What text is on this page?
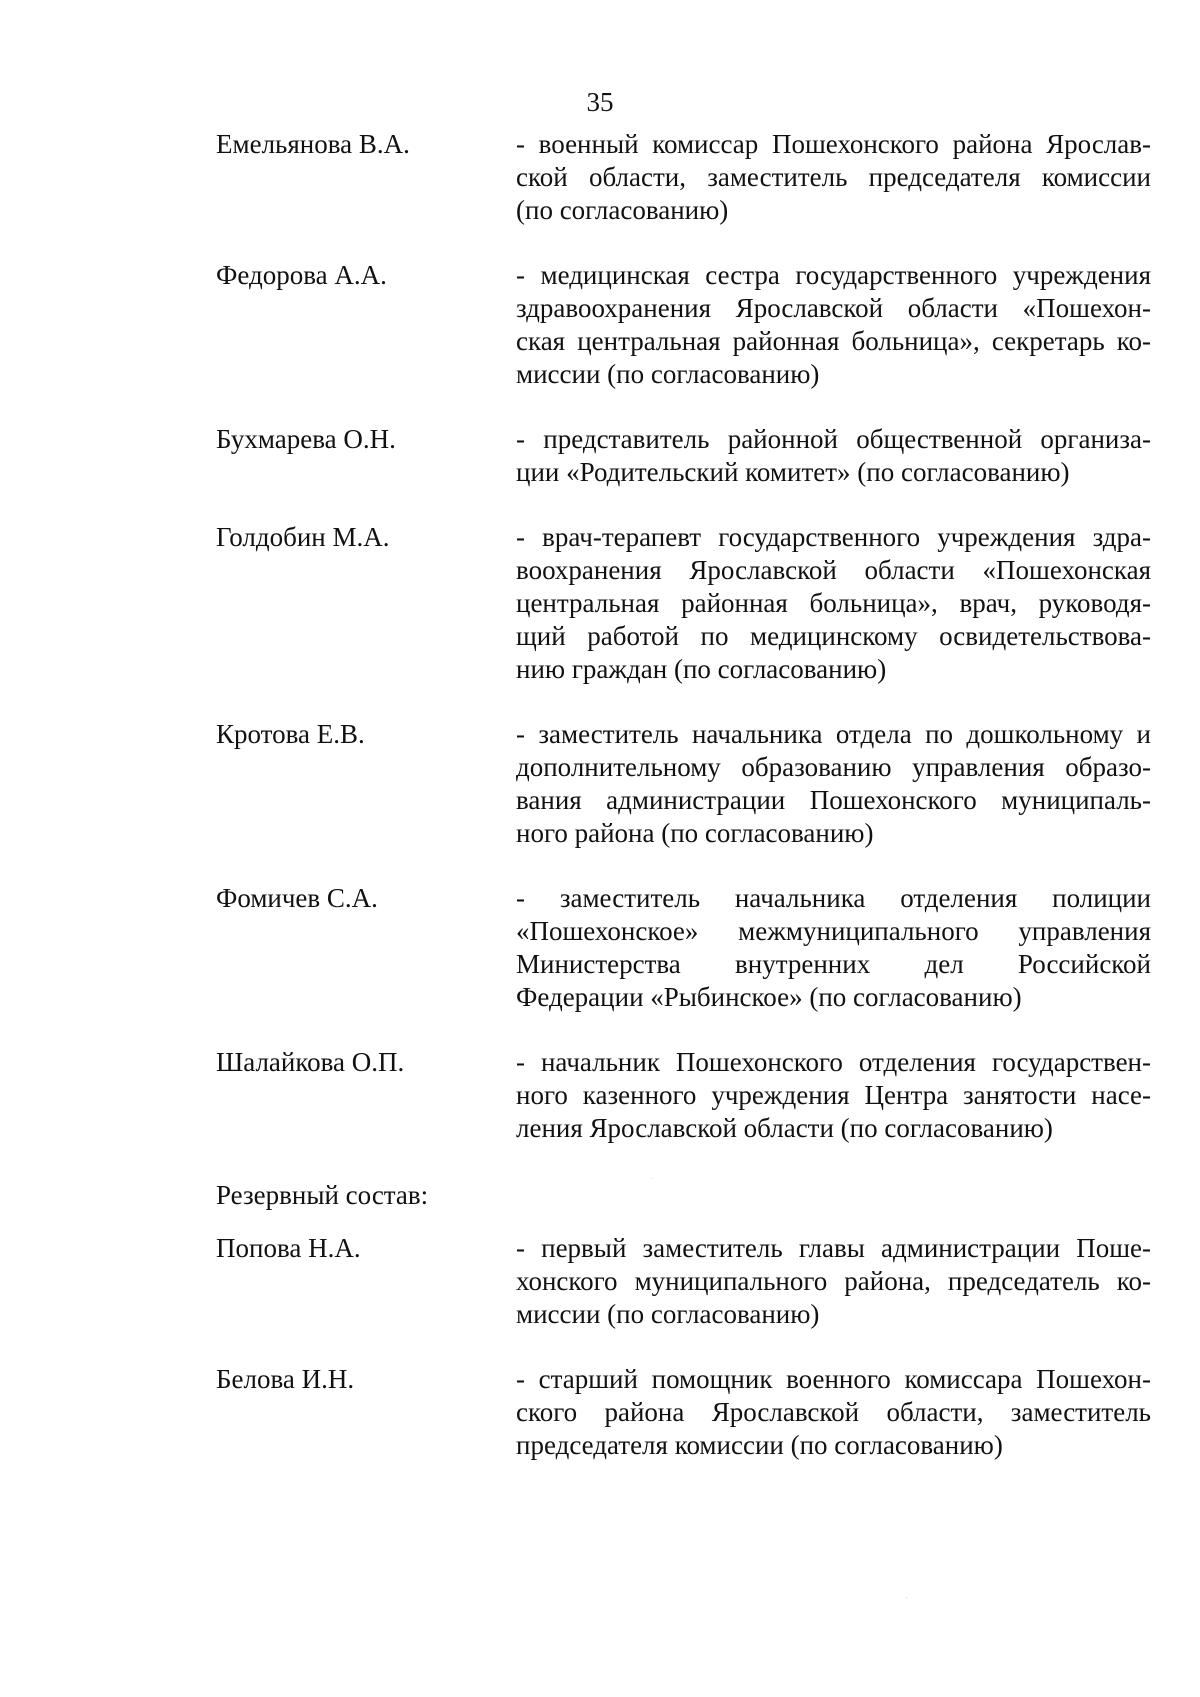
35
Емельянова В.А.	- военный комиссар Пошехонского района Ярослав-
ской области, заместитель председателя комиссии
(по согласованию)
Федорова А.А.	- медицинская сестра государственного учреждения
здравоохранения Ярославской области «Пошехон-
ская центральная районная больница», секретарь ко-
миссии (по согласованию)
Бухмарева О.Н.	- представитель районной общественной организа-
ции «Родительский комитет» (по согласованию)
Голдобин М.А.	- врач-терапевт государственного учреждения здра-
воохранения Ярославской области «Пошехонская
центральная районная больница», врач, руководя-
щий работой по медицинскому освидетельствова-
нию граждан (по согласованию)
Кротова Е.В.	- заместитель начальника отдела по дошкольному и
дополнительному образованию управления образо-
вания администрации Пошехонского муниципаль-
ного района (по согласованию)
Фомичев С.А.	- заместитель начальника отделения полиции
«Пошехонское» межмуниципального управления
Министерства внутренних дел Российской
Федерации «Рыбинское» (по согласованию)
Шалайкова О.П.	- начальник Пошехонского отделения государствен-
ного казенного учреждения Центра занятости насе-
ления Ярославской области (по согласованию)
Резервный состав:
Попова Н.А.	- первый заместитель главы администрации Поше-
хонского муниципального района, председатель ко-
миссии (по согласованию)
Белова И.Н.	- старший помощник военного комиссара Пошехон-
ского района Ярославской области, заместитель
председателя комиссии (по согласованию)
